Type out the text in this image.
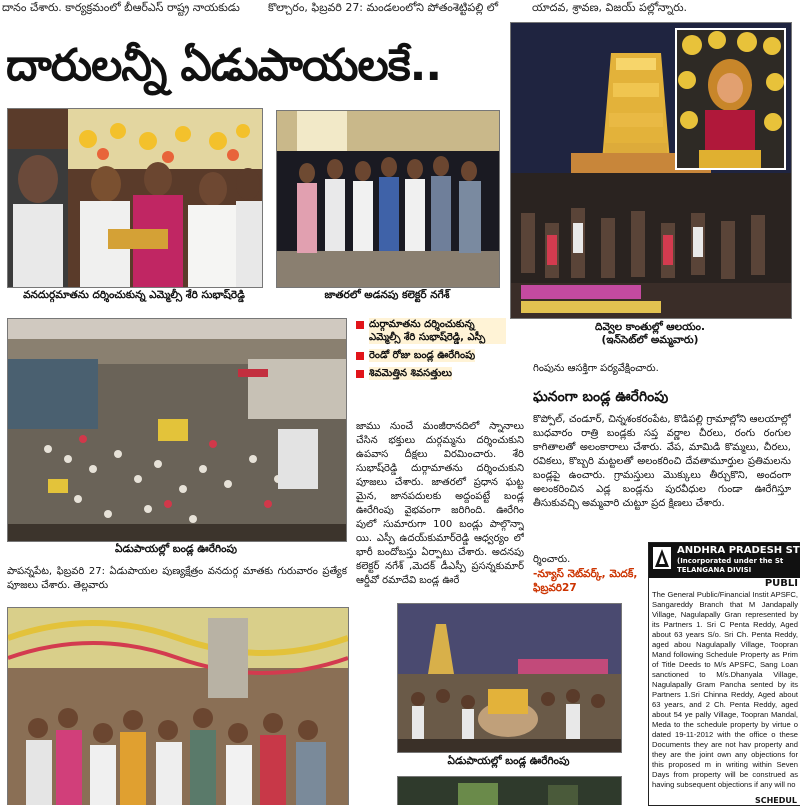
దానం చేశారు. కార్యక్రమంలో బీఆర్ఎస్ రాష్ట్ర నాయకుడు	కొల్చారం, ఫిబ్రవరి 27: మండలంలోని పోతంశెట్టిపల్లి లో	యాదవ, శ్రావణ, విజయ్ పల్లోన్నారు.
దారులన్నీ ఏడుపాయలకే..
వనదుర్గమాతను దర్శించుకున్న ఎమ్మెల్సీ శేరి సుభాష్‌రెడ్డి	జాతరలో అడనపు కలెక్టర్ నగేశ్
దివ్వెల కాంతుల్లో ఆలయం.
(ఇన్‌సెట్‌లో అమ్మవారు)
ఏడుపాయల్లో బండ్ల ఊరేగింపు
దుర్గామాతను దర్శించుకున్న ఎమ్మెల్సీ శేరి సుభాష్‌రెడ్డి, ఎస్పీ
రెండో రోజు బండ్ల ఊరేగింపు
శివమెత్తిన శివసత్తులు
జాము నుంచే మంజీరానదిలో స్నానాలు చేసిన భక్తులు దుర్గమ్మను దర్శించుకుని ఉపవాస దీక్షలు విరమించారు. శేరి సుభాష్‌రెడ్డి దుర్గామాతను దర్శించుకుని పూజలు చేశారు. జాతరలో ప్రధాన ఘట్ట మైన, జానపదులకు అద్దంపట్టే బండ్ల ఊరేగింపు వైభవంగా జరిగింది. ఊరేగిం పులో సుమారుగా 100 బండ్లు పాల్గొన్నా యి. ఎస్పీ ఉదయ్‌కుమార్‌రెడ్డి ఆధ్వర్యం లో భారీ బందోబస్తు ఏర్పాటు చేశారు. అదనపు కలెక్టర్ నగేశ్ ,మెదక్ డీఎస్పీ ప్రసన్నకుమార్ ఆర్డీవో రమాదేవి బండ్ల ఊరే
గింపును ఆసక్తిగా పర్యవేక్షించారు.
ఘనంగా బండ్ల ఊరేగింపు
కొప్పోల్, చండూర్, చిన్నశంకరంపేట, కొడిపల్లి గ్రామాల్లోని ఆలయాల్లో బుధవారం రాత్రి బండ్లకు సప్త వర్ణాల చీరలు, రంగు రంగుల కాగితాలతో అలంకారాలు చేశారు. వేప, మామిడి కొమ్మలు, చీరలు, రవికలు, కొబ్బరి మట్టలతో అలంకరించి దేవతామూర్తుల ప్రతిమలను బండ్లపై ఉంచారు. గ్రామస్తులు మొక్కులు తీర్చుకొని, అందంగా అలంకరించిన ఎడ్ల బండ్లను పురవీధుల గుండా ఊరేగిస్తూ తీసుకువచ్చి అమ్మవారి చుట్టూ ప్రద క్షిణలు చేశారు.
ర్శించారు.
-న్యూస్ నెట్‌వర్క్, మెదక్, ఫిబ్రవరి27
పాపన్నపేట, ఫిబ్రవరి 27: ఏడుపాయల పుణ్యక్షేత్రం వనదుర్గ మాతకు గురువారం ప్రత్యేక పూజలు చేశారు. తెల్లవారు
ఏడుపాయల్లో బండ్ల ఊరేగింపు
ANDHRA PRADESH ST
(Incorporated under the St
TELANGANA DIVISI
PUBLI
The General Public/Financial Instit APSFC, Sangareddy Branch that M Jandapally Village, Nagulapally Gran represented by its Partners 1. Sri C Penta Reddy, Aged about 63 years S/o. Sri Ch. Penta Reddy, aged abou Nagulapally Village, Toopran Mand following Schedule Property as Prim of Title Deeds to M/s APSFC, Sang Loan sanctioned to M/s.Dhanyala Village, Nagulapally Gram Pancha sented by its Partners 1.Sri Chinna Reddy, Aged about 63 years, and 2 Ch. Penta Reddy, aged about 54 ye pally Village, Toopran Mandal, Meda to the schedule property by virtue o dated 19-11-2012 with the office o these Documents they are not hav property and they are the joint own any objections for this proposed m in writing within Seven Days from property will be construed as having subsequent objections if any will no
SCHEDUL
